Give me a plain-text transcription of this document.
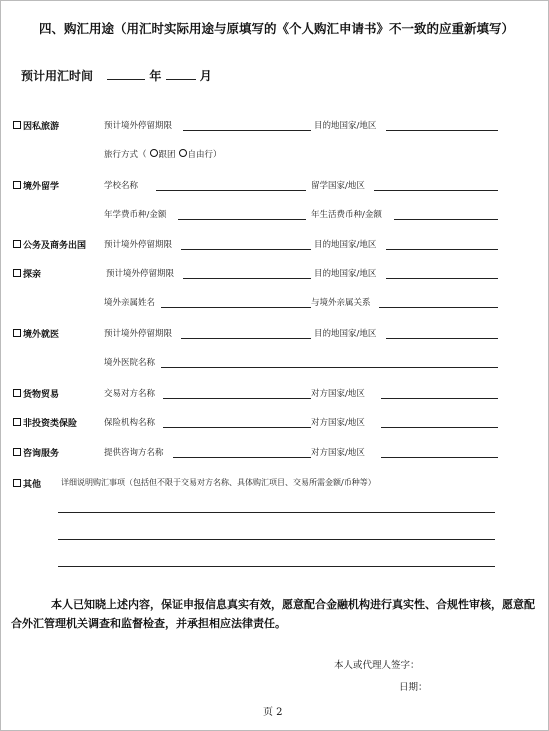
四、购汇用途（用汇时实际用途与原填写的《个人购汇申请书》不一致的应重新填写）
预计用汇时间	年	月
因私旅游	预计境外停留期限	目的地国家/地区
旅行方式（ 跟团 自由行）
境外留学	学校名称	留学国家/地区
年学费币种/金额	年生活费币种/金额
公务及商务出国 预计境外停留期限	目的地国家/地区
探亲	预计境外停留期限	目的地国家/地区
境外亲属姓名	与境外亲属关系
境外就医	预计境外停留期限	目的地国家/地区
境外医院名称
货物贸易	交易对方名称	对方国家/地区
非投资类保险	保险机构名称	对方国家/地区
咨询服务	提供咨询方名称	对方国家/地区
其他 详细说明购汇事项（包括但不限于交易对方名称、具体购汇项目、交易所需金额/币种等）
本人已知晓上述内容，保证申报信息真实有效，愿意配合金融机构进行真实性、合规性审核，愿意配合外汇管理机关调查和监督检查，并承担相应法律责任。
本人或代理人签字：
日期：
页 2
